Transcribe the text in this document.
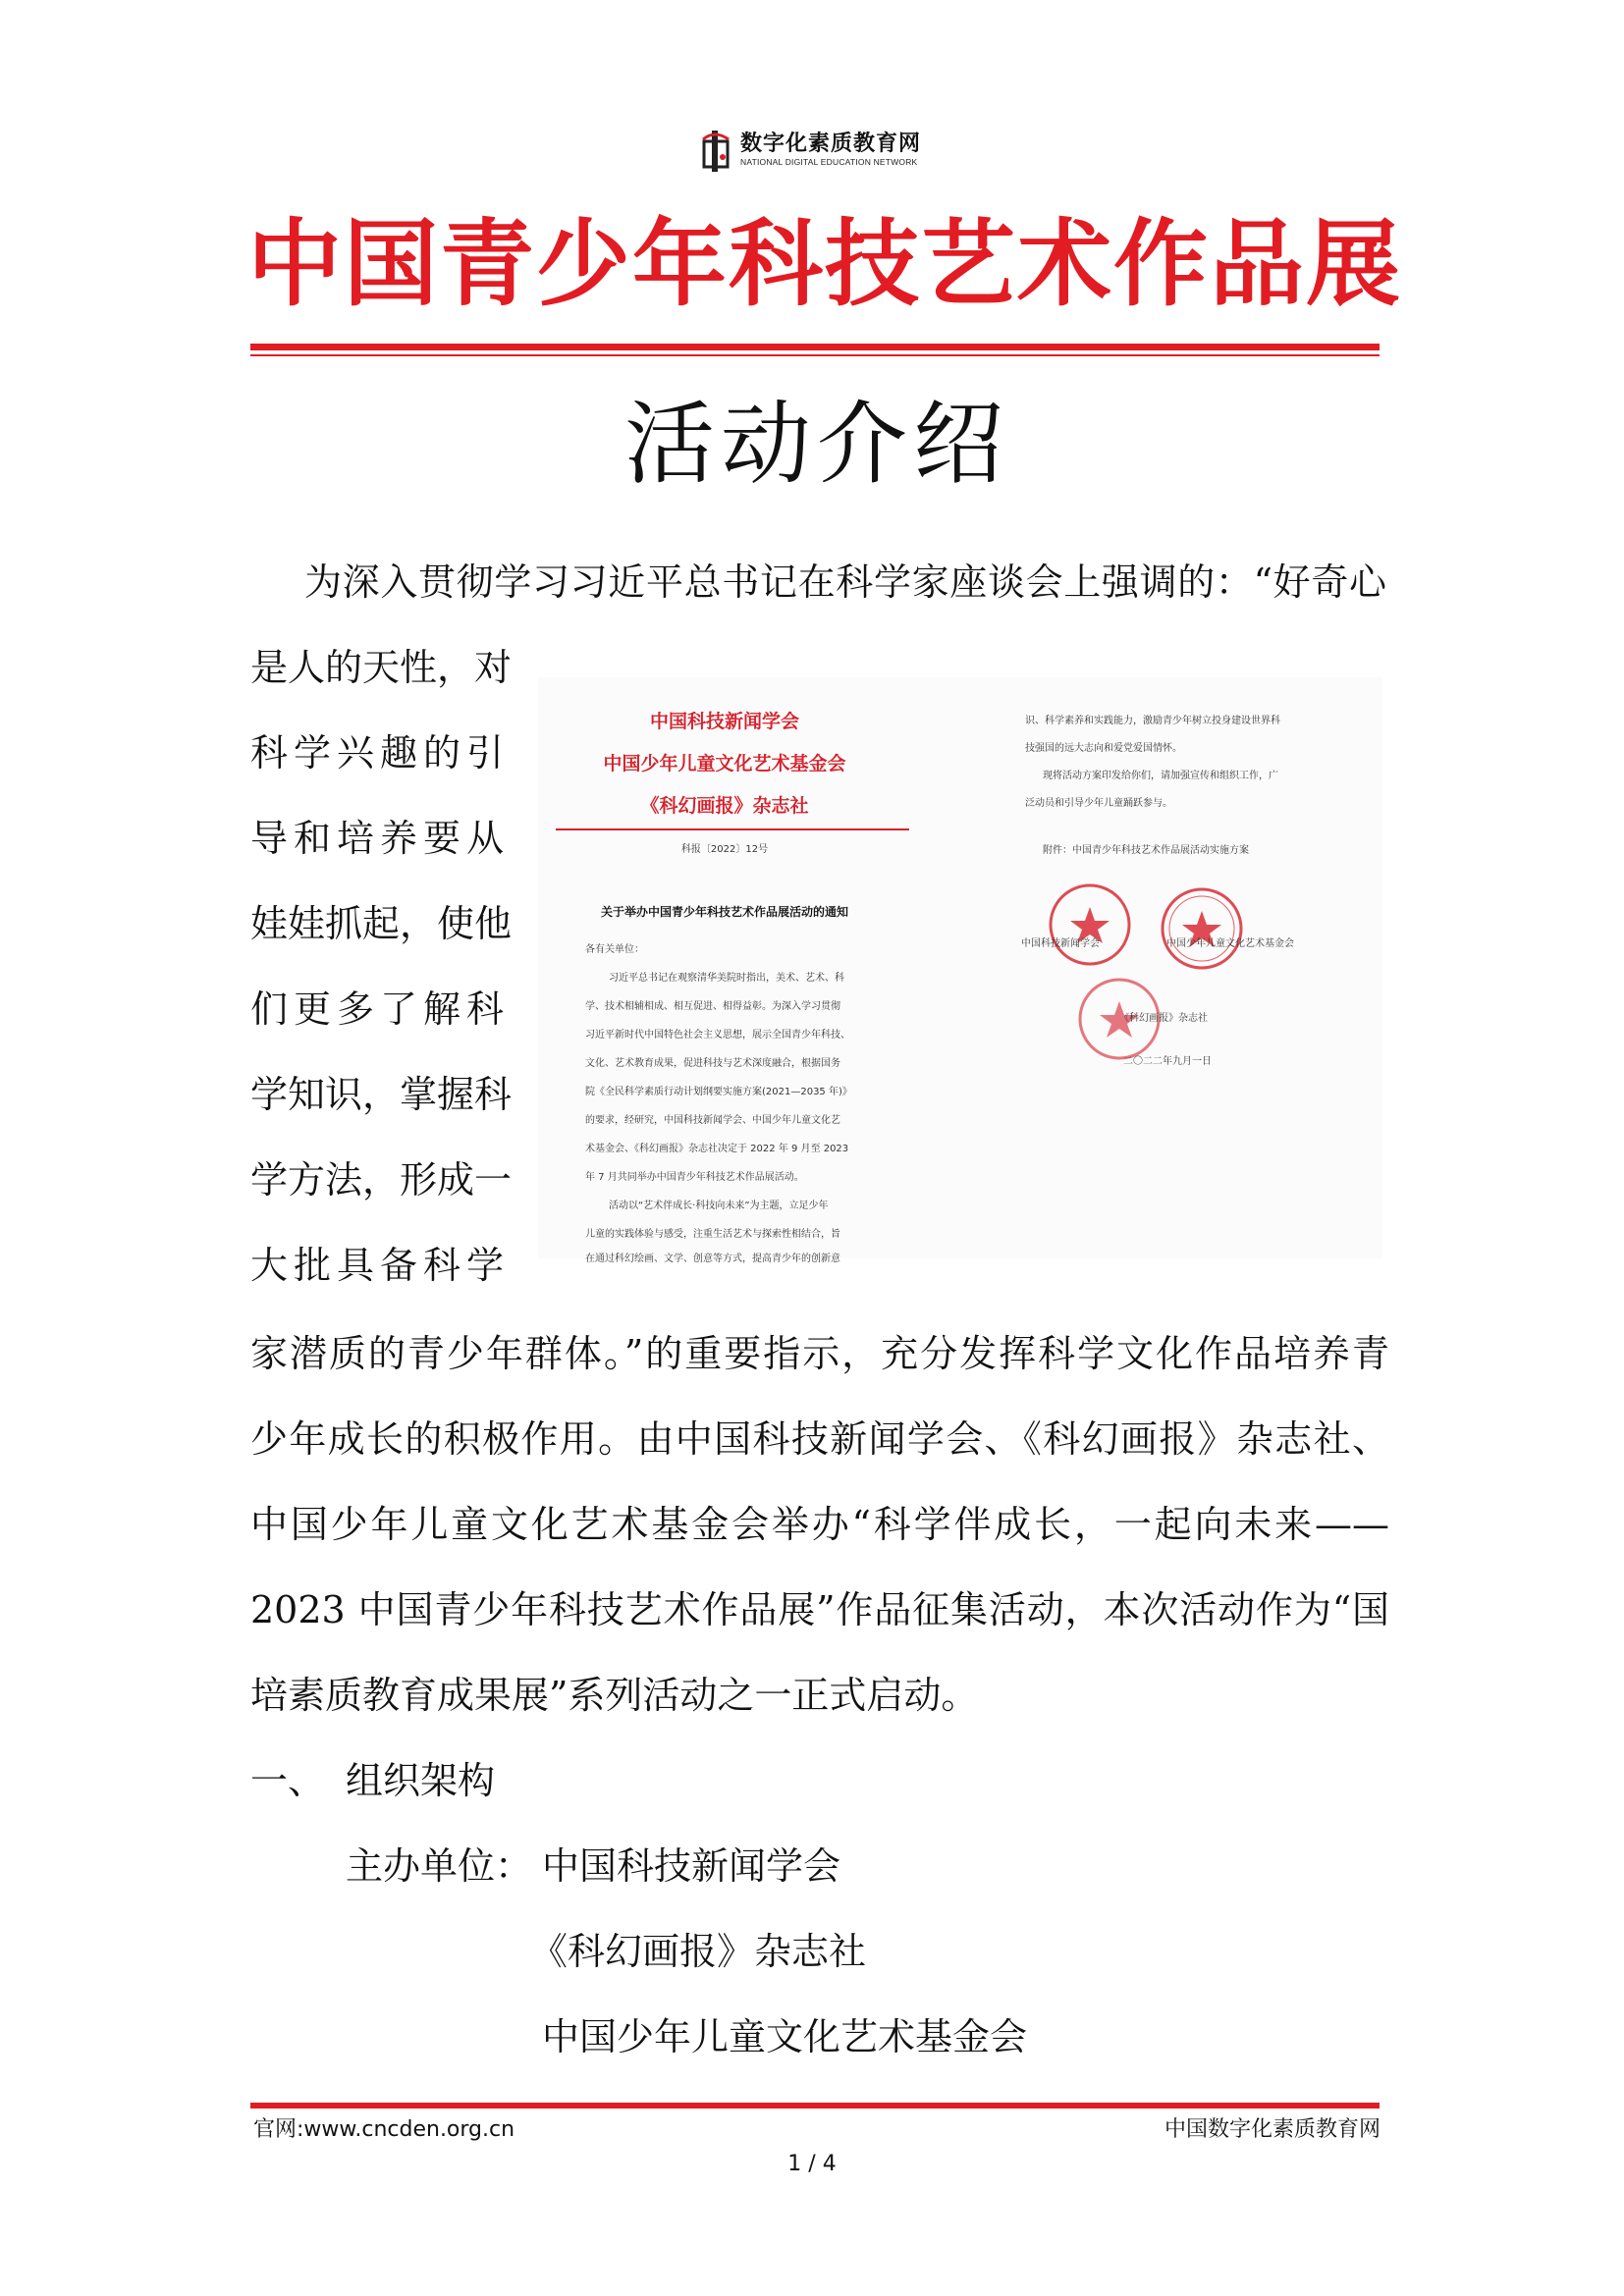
数字化素质教育网
NATIONAL DIGITAL EDUCATION NETWORK
中国青少年科技艺术作品展
活动介绍
为深入贯彻学习习近平总书记在科学家座谈会上强调的：“好奇心
是人的天性，对
科学兴趣的引
导和培养要从
娃娃抓起，使他
们更多了解科
学知识，掌握科
学方法，形成一
大批具备科学
中国科技新闻学会
中国少年儿童文化艺术基金会
《科幻画报》杂志社
科报〔2022〕12号
关于举办中国青少年科技艺术作品展活动的通知
各有关单位：
习近平总书记在观察清华美院时指出，美术、艺术、科
学、技术相辅相成、相互促进、相得益彰。为深入学习贯彻
习近平新时代中国特色社会主义思想，展示全国青少年科技、
文化、艺术教育成果，促进科技与艺术深度融合，根据国务
院《全民科学素质行动计划纲要实施方案(2021—2035 年)》
的要求，经研究，中国科技新闻学会、中国少年儿童文化艺
术基金会、《科幻画报》杂志社决定于 2022 年 9 月至 2023
年 7 月共同举办中国青少年科技艺术作品展活动。
活动以“艺术伴成长·科技向未来”为主题，立足少年
儿童的实践体验与感受，注重生活艺术与探索性相结合，旨
在通过科幻绘画、文学、创意等方式，提高青少年的创新意
识、科学素养和实践能力，激励青少年树立投身建设世界科
技强国的远大志向和爱党爱国情怀。
现将活动方案印发给你们，请加强宣传和组织工作，广
泛动员和引导少年儿童踊跃参与。
附件：中国青少年科技艺术作品展活动实施方案
中国科技新闻学会	中国少年儿童文化艺术基金会
《科幻画报》杂志社
二〇二二年九月一日
家潜质的青少年群体。”的重要指示，充分发挥科学文化作品培养青
少年成长的积极作用。由中国科技新闻学会、《科幻画报》杂志社、
中国少年儿童文化艺术基金会举办“科学伴成长，一起向未来——
2023 中国青少年科技艺术作品展”作品征集活动，本次活动作为“国
培素质教育成果展”系列活动之一正式启动。
一、 组织架构
主办单位： 中国科技新闻学会
《科幻画报》杂志社
中国少年儿童文化艺术基金会
官网:www.cncden.org.cn	中国数字化素质教育网
1 / 4
